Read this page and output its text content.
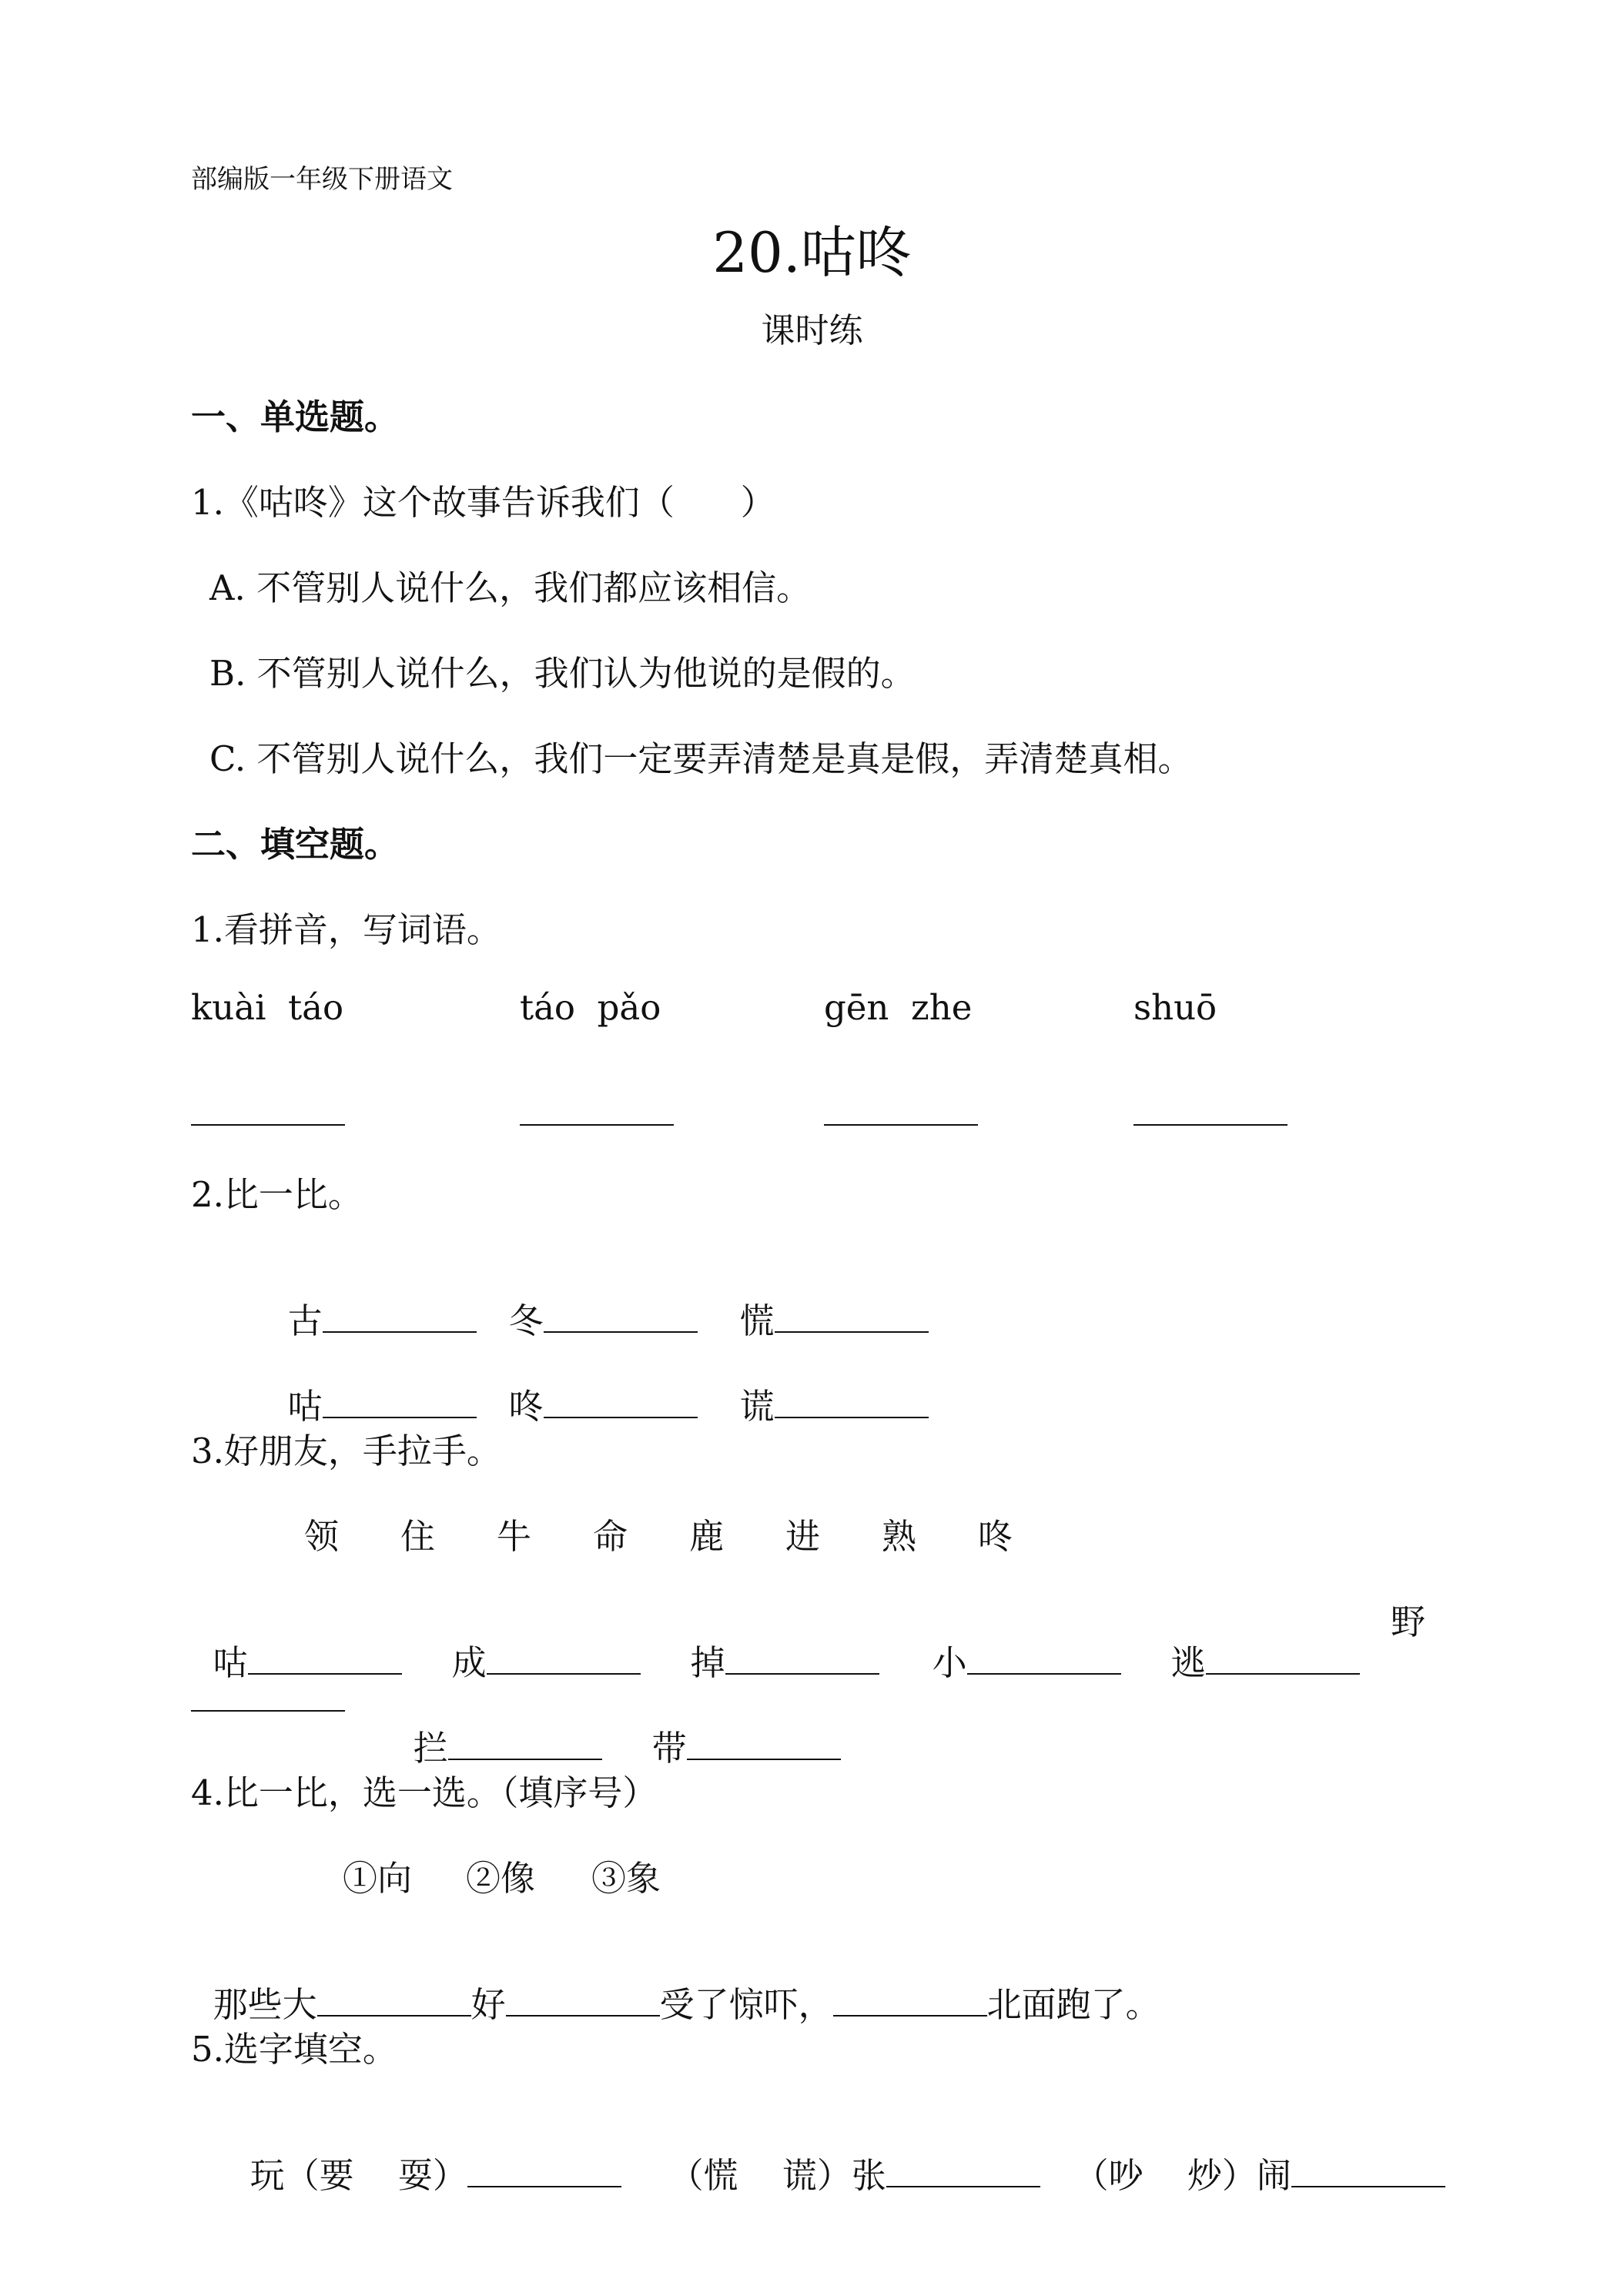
部编版一年级下册语文
20.咕咚
课时练
一、单选题。
1.《咕咚》这个故事告诉我们（      ）
A. 不管别人说什么，我们都应该相信。
B. 不管别人说什么，我们认为他说的是假的。
C. 不管别人说什么，我们一定要弄清楚是真是假，弄清楚真相。
二、填空题。
1.看拼音，写词语。
kuài  táo	táo  pǎo	gēn  zhe	shuō
2.比一比。

古	冬	慌

咕	咚	谎

3.好朋友，手拉手。
领 住 牛 命 鹿 进 熟 咚

咕	成	掉	小	逃

野

拦	带

4.比一比，选一选。（填序号）
①向 ②像 ③象

那些大	好	受了惊吓，	北面跑了。

5.选字填空。

玩（要    耍）	（慌    谎）张	（吵    炒）闹
